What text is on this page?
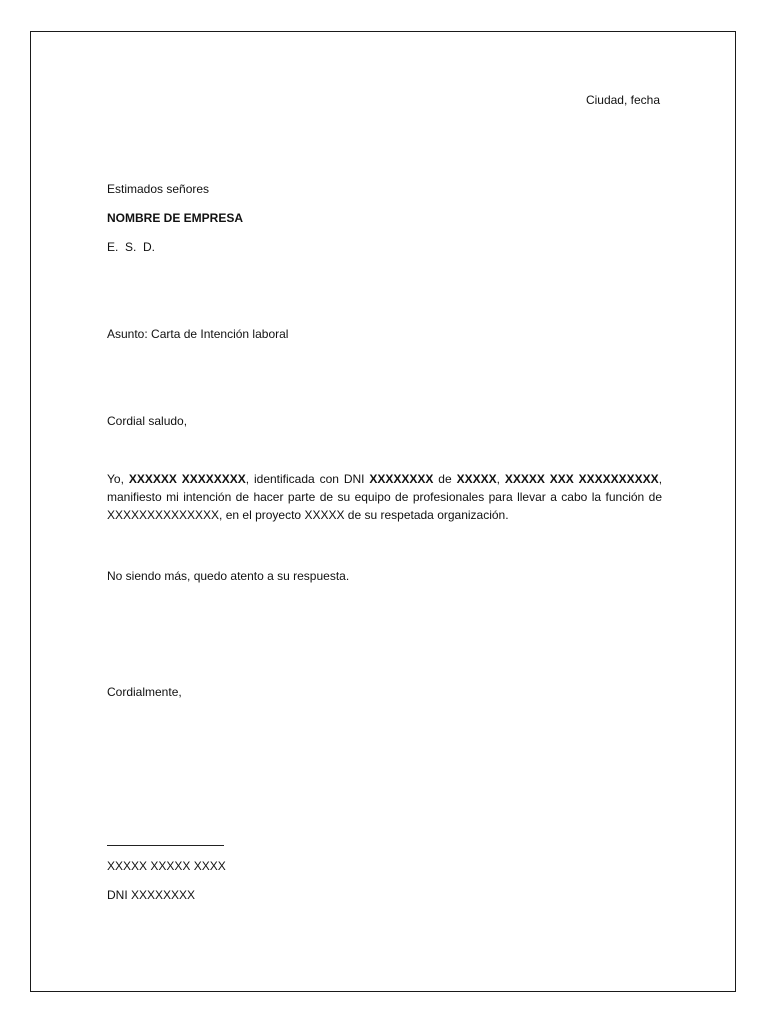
Ciudad, fecha
Estimados señores
NOMBRE DE EMPRESA
E.  S.  D.
Asunto: Carta de Intención laboral
Cordial saludo,
Yo, XXXXXX XXXXXXXX, identificada con DNI XXXXXXXX de XXXXX, XXXXX XXX XXXXXXXXXX, manifiesto mi intención de hacer parte de su equipo de profesionales para llevar a cabo la función de XXXXXXXXXXXXXX, en el proyecto XXXXX de su respetada organización.
No siendo más, quedo atento a su respuesta.
Cordialmente,
XXXXX XXXXX XXXX
DNI XXXXXXXX
